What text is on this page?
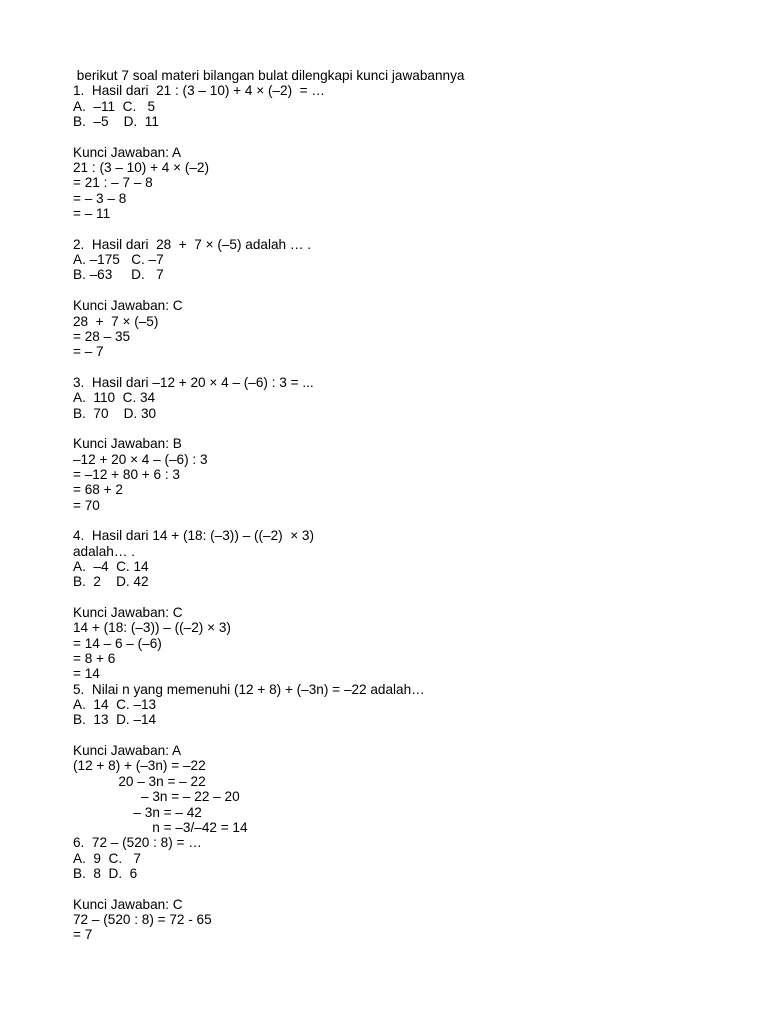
berikut 7 soal materi bilangan bulat dilengkapi kunci jawabannya
1.  Hasil dari  21 : (3 – 10) + 4 × (–2)  = …
A.  –11  C.   5
B.  –5    D.  11
Kunci Jawaban: A
21 : (3 – 10) + 4 × (–2)
= 21 : – 7 – 8
= – 3 – 8
= – 11
2.  Hasil dari  28  +  7 × (–5) adalah … .
A. –175   C. –7
B. –63     D.   7
Kunci Jawaban: C
28  +  7 × (–5)
= 28 – 35
= – 7
3.  Hasil dari –12 + 20 × 4 – (–6) : 3 = ...
A.  110  C. 34
B.  70    D. 30
Kunci Jawaban: B
–12 + 20 × 4 – (–6) : 3
= –12 + 80 + 6 : 3
= 68 + 2
= 70
4.  Hasil dari 14 + (18: (–3)) – ((–2)  × 3)
adalah… .
A.  –4  C. 14
B.  2    D. 42
Kunci Jawaban: C
14 + (18: (–3)) – ((–2) × 3)
= 14 – 6 – (–6)
= 8 + 6
= 14
5.  Nilai n yang memenuhi (12 + 8) + (–3n) = –22 adalah…
A.  14  C. –13
B.  13  D. –14
Kunci Jawaban: A
(12 + 8) + (–3n) = –22
20 – 3n = – 22
– 3n = – 22 – 20
– 3n = – 42
n = –3/–42 = 14
6.  72 – (520 : 8) = …
A.  9  C.   7
B.  8  D.  6
Kunci Jawaban: C
72 – (520 : 8) = 72 - 65
= 7
